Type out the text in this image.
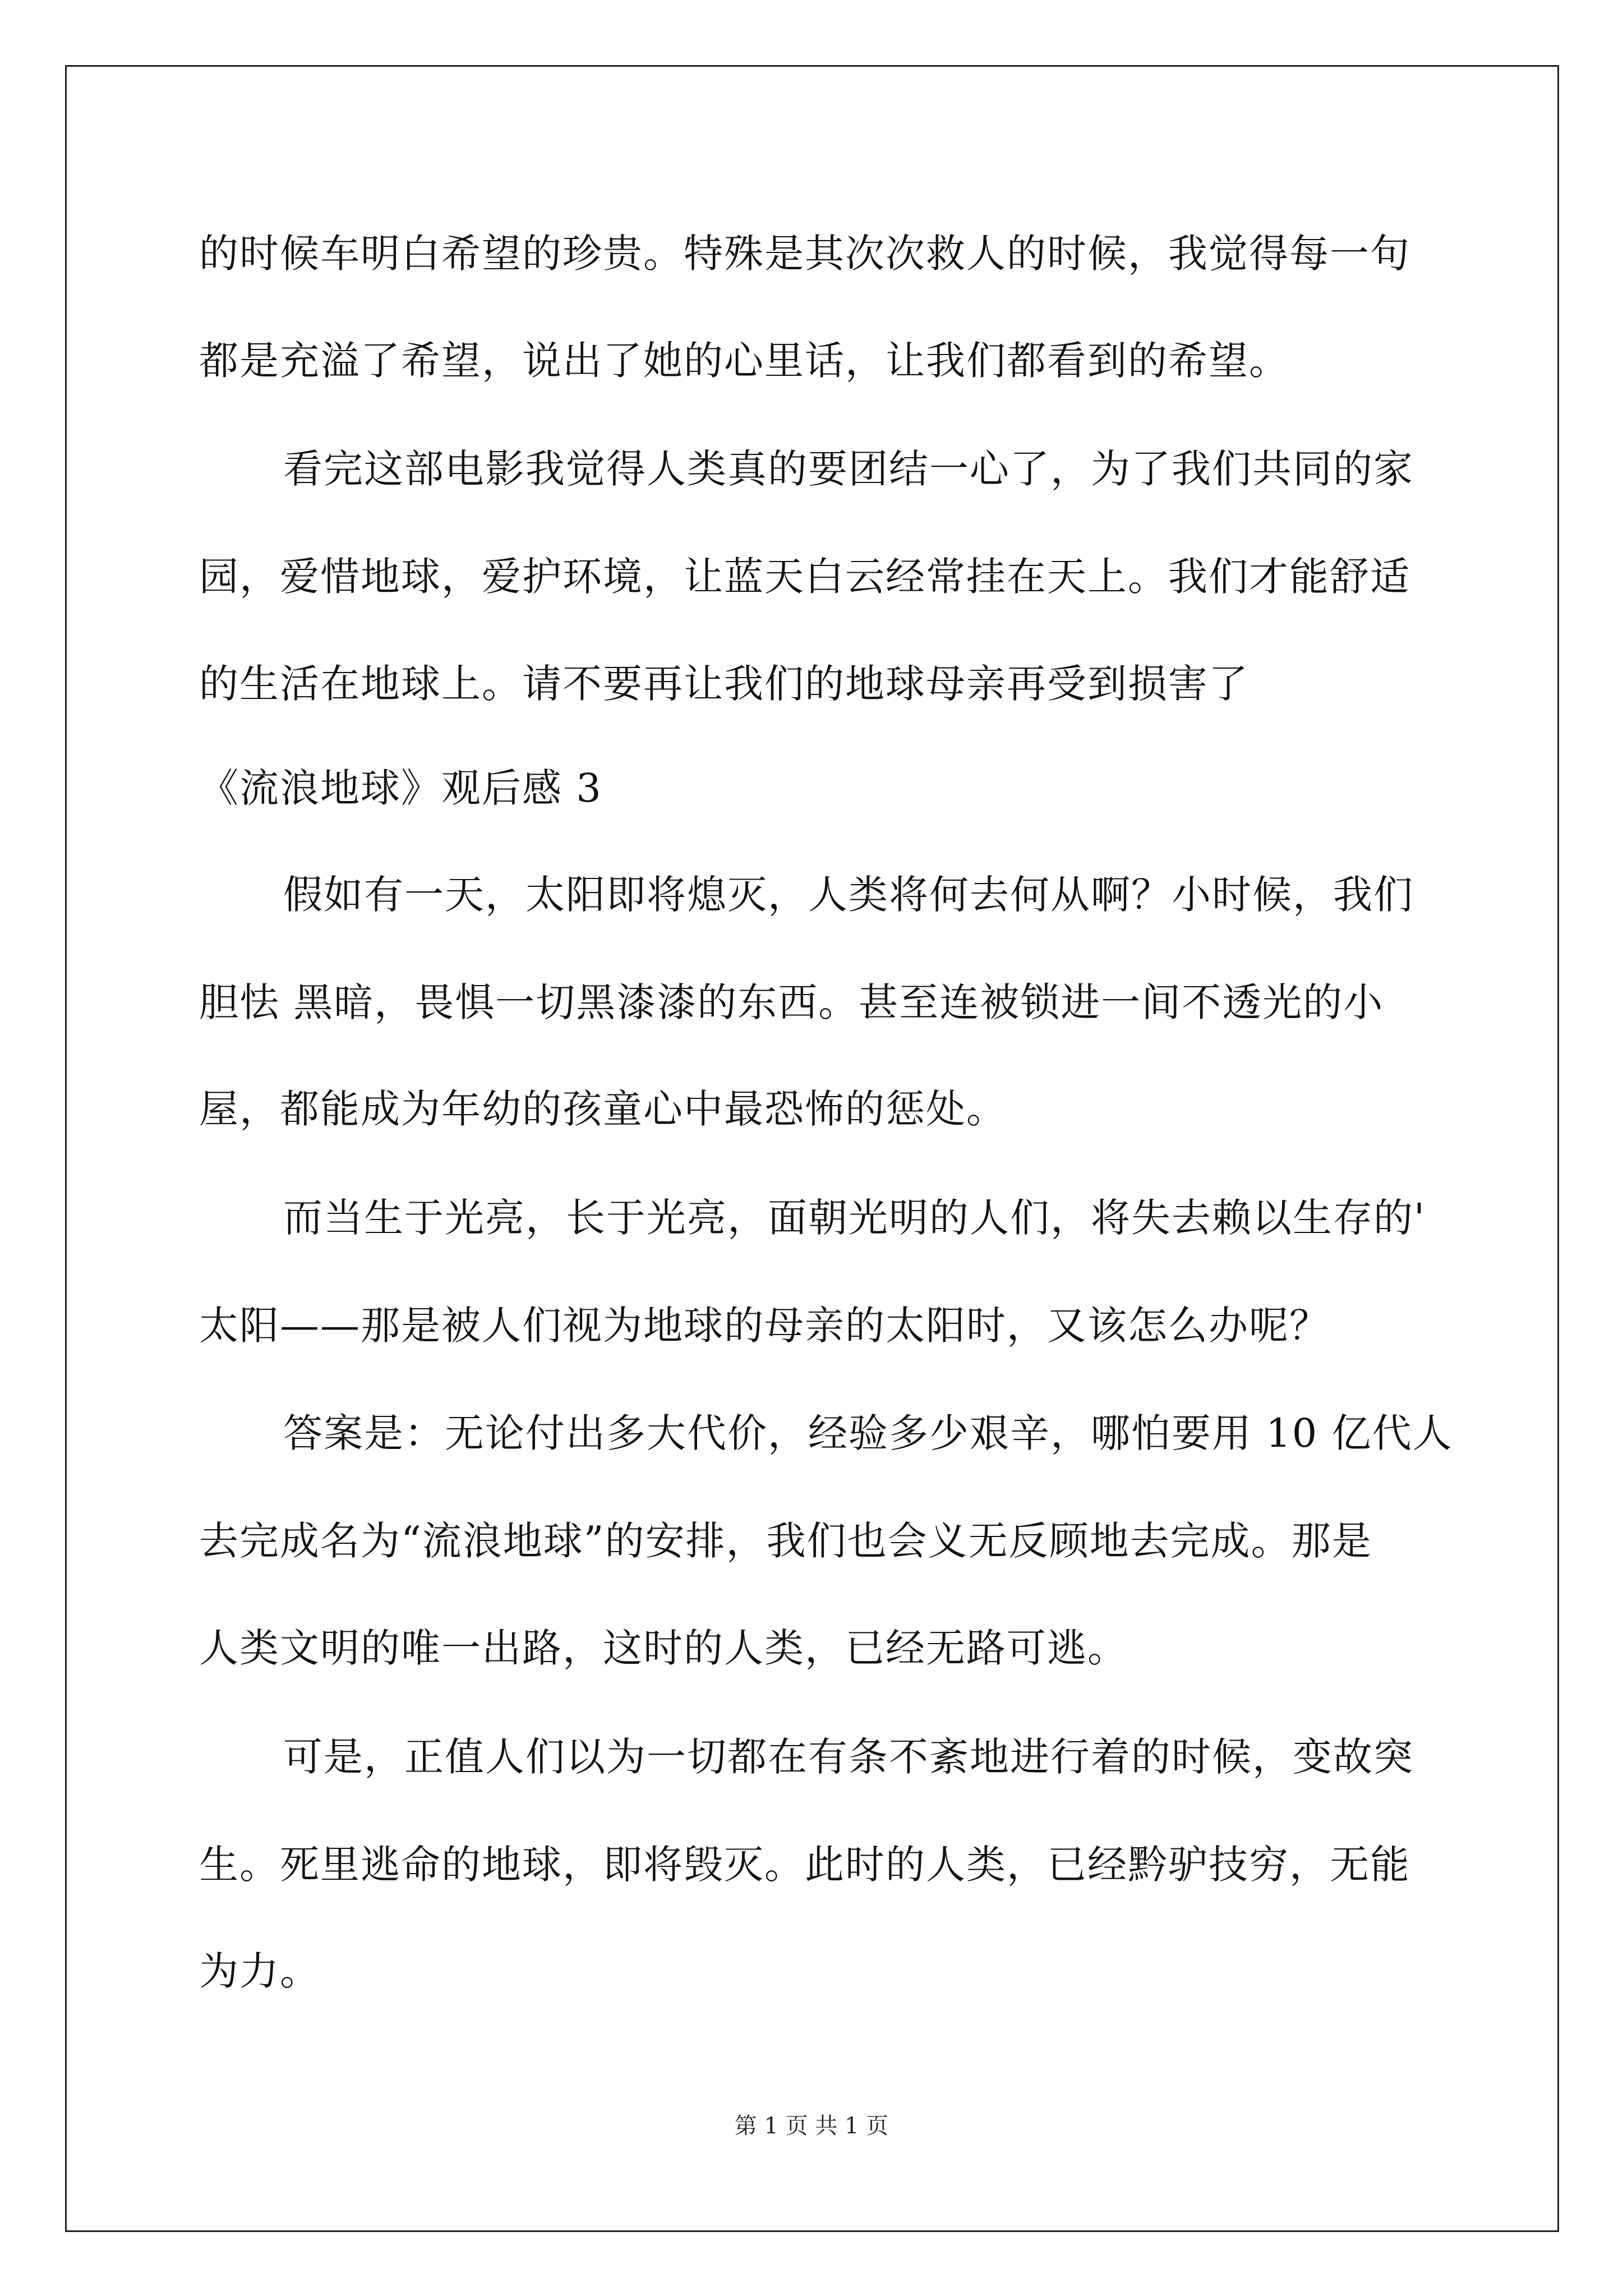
的时候车明白希望的珍贵。特殊是其次次救人的时候，我觉得每一句
都是充溢了希望，说出了她的心里话，让我们都看到的希望。
看完这部电影我觉得人类真的要团结一心了，为了我们共同的家
园，爱惜地球，爱护环境，让蓝天白云经常挂在天上。我们才能舒适
的生活在地球上。请不要再让我们的地球母亲再受到损害了
《流浪地球》观后感 3
假如有一天，太阳即将熄灭，人类将何去何从啊？小时候，我们
胆怯 黑暗，畏惧一切黑漆漆的东西。甚至连被锁进一间不透光的小
屋，都能成为年幼的孩童心中最恐怖的惩处。
而当生于光亮，长于光亮，面朝光明的人们，将失去赖以生存的'
太阳——那是被人们视为地球的母亲的太阳时，又该怎么办呢？
答案是：无论付出多大代价，经验多少艰辛，哪怕要用 10 亿代人
去完成名为“流浪地球”的安排，我们也会义无反顾地去完成。那是
人类文明的唯一出路，这时的人类，已经无路可逃。
可是，正值人们以为一切都在有条不紊地进行着的时候，变故突
生。死里逃命的地球，即将毁灭。此时的人类，已经黔驴技穷，无能
为力。
第 1 页 共 1 页
